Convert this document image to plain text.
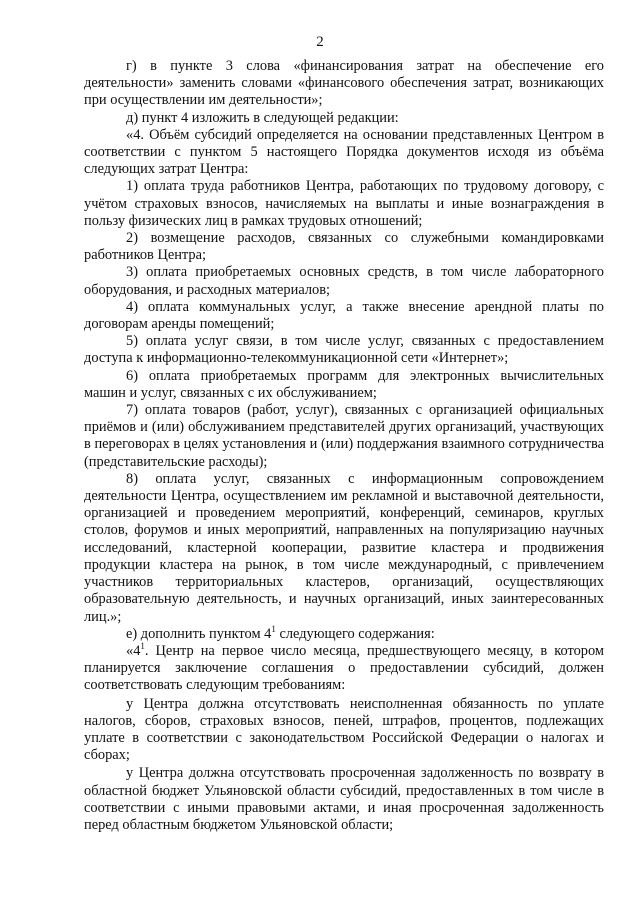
2

г) в пункте 3 слова «финансирования затрат на обеспечение его деятельности» заменить словами «финансового обеспечения затрат, возникающих при осуществлении им деятельности»;

д) пункт 4 изложить в следующей редакции:

«4. Объём субсидий определяется на основании представленных Центром в соответствии с пунктом 5 настоящего Порядка документов исходя из объёма следующих затрат Центра:

1) оплата труда работников Центра, работающих по трудовому договору, с учётом страховых взносов, начисляемых на выплаты и иные вознаграждения в пользу физических лиц в рамках трудовых отношений;

2) возмещение расходов, связанных со служебными командировками работников Центра;

3) оплата приобретаемых основных средств, в том числе лабораторного оборудования, и расходных материалов;

4) оплата коммунальных услуг, а также внесение арендной платы по договорам аренды помещений;

5) оплата услуг связи, в том числе услуг, связанных с предоставлением доступа к информационно-телекоммуникационной сети «Интернет»;

6) оплата приобретаемых программ для электронных вычислительных машин и услуг, связанных с их обслуживанием;

7) оплата товаров (работ, услуг), связанных с организацией официальных приёмов и (или) обслуживанием представителей других организаций, участвующих в переговорах в целях установления и (или) поддержания взаимного сотрудничества (представительские расходы);

8) оплата услуг, связанных с информационным сопровождением деятельности Центра, осуществлением им рекламной и выставочной деятельности, организацией и проведением мероприятий, конференций, семинаров, круглых столов, форумов и иных мероприятий, направленных на популяризацию научных исследований, кластерной кооперации, развитие кластера и продвижения продукции кластера на рынок, в том числе международный, с привлечением участников территориальных кластеров, организаций, осуществляющих образовательную деятельность, и научных организаций, иных заинтересованных лиц.»;

е) дополнить пунктом $4^1$ следующего содержания:

«$4^1$. Центр на первое число месяца, предшествующего месяцу, в котором планируется заключение соглашения о предоставлении субсидий, должен соответствовать следующим требованиям:

у Центра должна отсутствовать неисполненная обязанность по уплате налогов, сборов, страховых взносов, пеней, штрафов, процентов, подлежащих уплате в соответствии с законодательством Российской Федерации о налогах и сборах;

у Центра должна отсутствовать просроченная задолженность по возврату в областной бюджет Ульяновской области субсидий, предоставленных в том числе в соответствии с иными правовыми актами, и иная просроченная задолженность перед областным бюджетом Ульяновской области;
